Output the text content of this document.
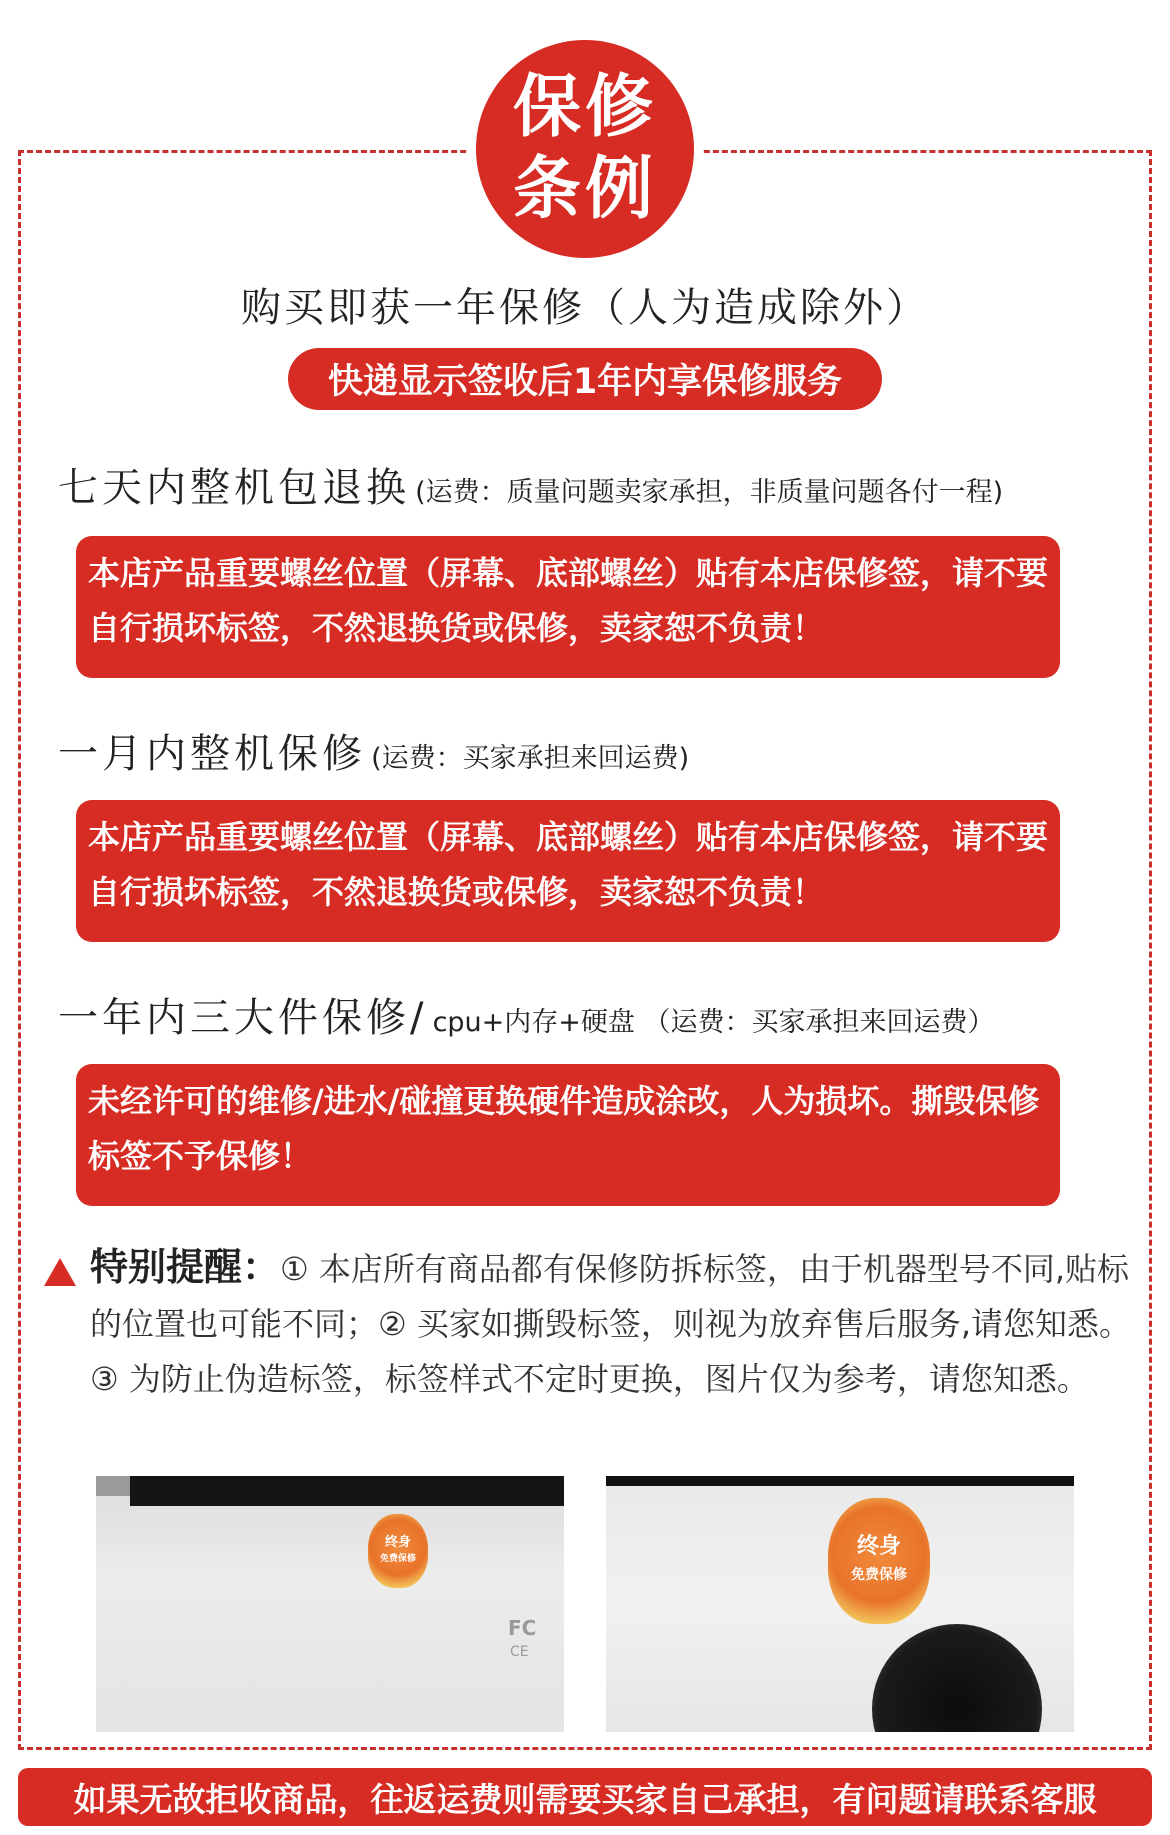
保修
条例
购买即获一年保修（人为造成除外）
快递显示签收后1年内享保修服务
七天内整机包退换 (运费：质量问题卖家承担，非质量问题各付一程)
本店产品重要螺丝位置（屏幕、底部螺丝）贴有本店保修签，请不要自行损坏标签，不然退换货或保修，卖家恕不负责！
一月内整机保修 (运费：买家承担来回运费)
本店产品重要螺丝位置（屏幕、底部螺丝）贴有本店保修签，请不要自行损坏标签，不然退换货或保修，卖家恕不负责！
一年内三大件保修/ cpu+内存+硬盘 （运费：买家承担来回运费）
未经许可的维修/进水/碰撞更换硬件造成涂改，人为损坏。撕毁保修标签不予保修！
特别提醒：① 本店所有商品都有保修防拆标签，由于机器型号不同,贴标的位置也可能不同；② 买家如撕毁标签，则视为放弃售后服务,请您知悉。③ 为防止伪造标签，标签样式不定时更换，图片仅为参考，请您知悉。
终身
免费保修
FC
CE
终身
免费保修
如果无故拒收商品，往返运费则需要买家自己承担，有问题请联系客服
